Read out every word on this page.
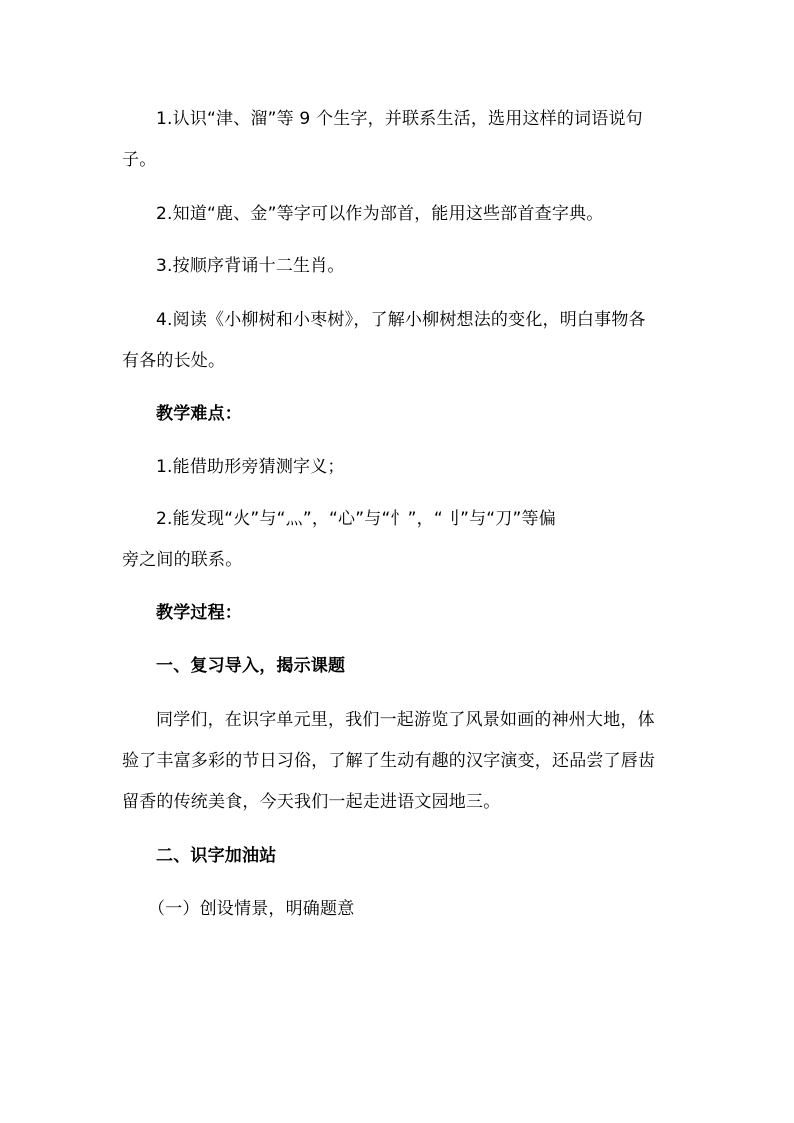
1.认识“津、溜”等 9 个生字，并联系生活，选用这样的词语说句
子。
2.知道“鹿、金”等字可以作为部首，能用这些部首查字典。
3.按顺序背诵十二生肖。
4.阅读《小柳树和小枣树》，了解小柳树想法的变化，明白事物各
有各的长处。
教学难点：
1.能借助形旁猜测字义；
2.能发现“火”与“灬”，“心”与“忄”，“刂”与“刀”等偏
旁之间的联系。
教学过程：
一、复习导入，揭示课题
同学们，在识字单元里，我们一起游览了风景如画的神州大地，体
验了丰富多彩的节日习俗，了解了生动有趣的汉字演变，还品尝了唇齿
留香的传统美食，今天我们一起走进语文园地三。
二、识字加油站
（一）创设情景，明确题意
